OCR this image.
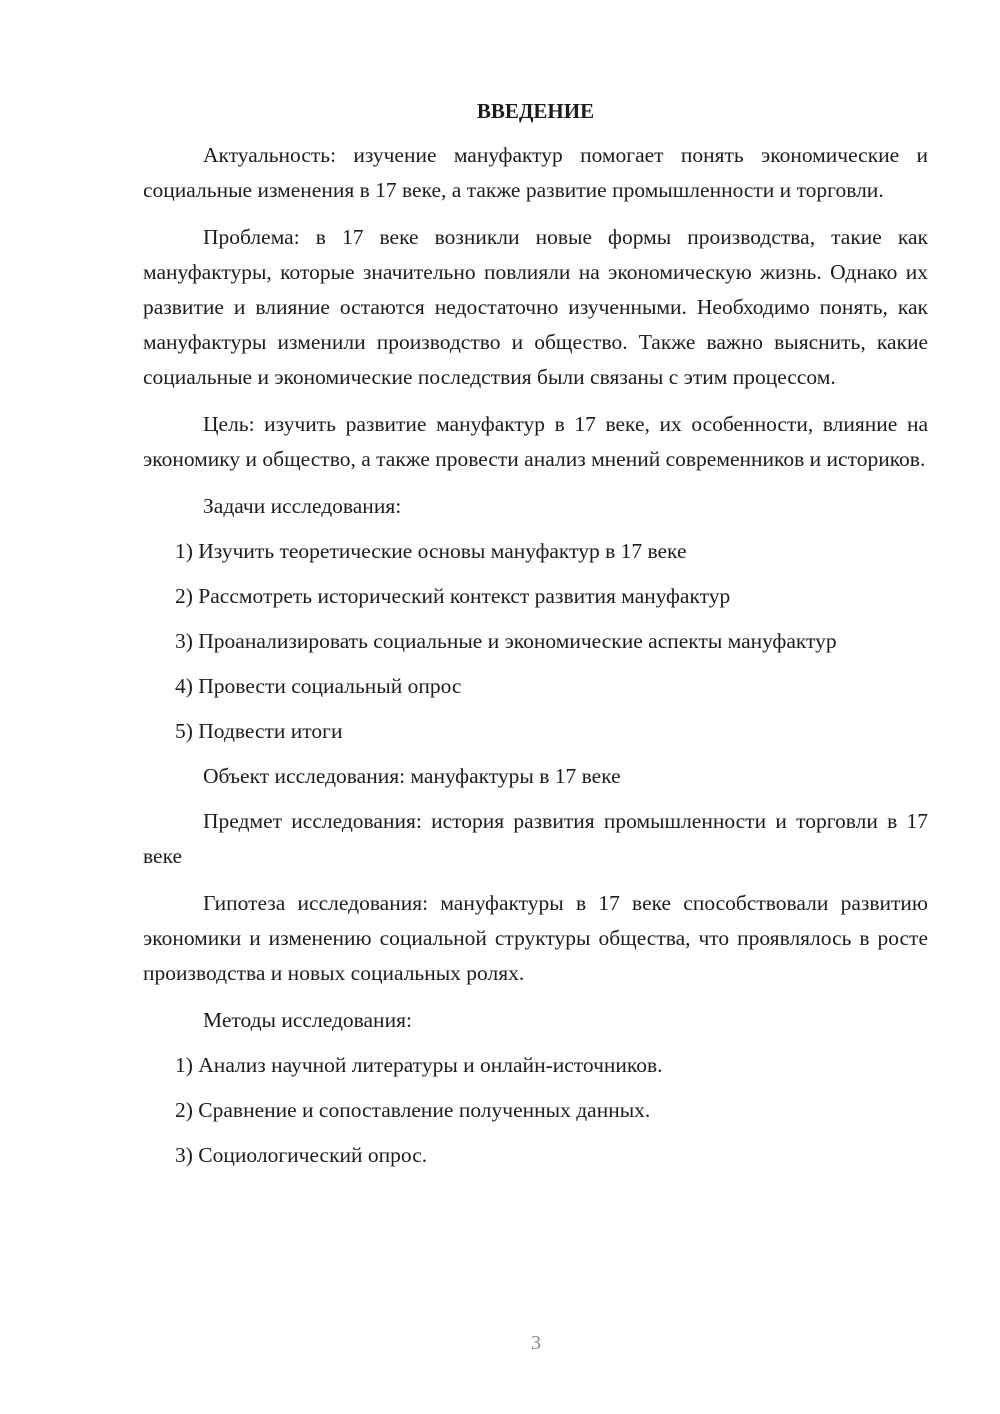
ВВЕДЕНИЕ

Актуальность: изучение мануфактур помогает понять экономические и социальные изменения в 17 веке, а также развитие промышленности и торговли.

Проблема: в 17 веке возникли новые формы производства, такие как мануфактуры, которые значительно повлияли на экономическую жизнь. Однако их развитие и влияние остаются недостаточно изученными. Необходимо понять, как мануфактуры изменили производство и общество. Также важно выяснить, какие социальные и экономические последствия были связаны с этим процессом.

Цель: изучить развитие мануфактур в 17 веке, их особенности, влияние на экономику и общество, а также провести анализ мнений современников и историков.

Задачи исследования:

1) Изучить теоретические основы мануфактур в 17 веке

2) Рассмотреть исторический контекст развития мануфактур

3) Проанализировать социальные и экономические аспекты мануфактур

4) Провести социальный опрос

5) Подвести итоги

Объект исследования: мануфактуры в 17 веке

Предмет исследования: история развития промышленности и торговли в 17 веке

Гипотеза исследования: мануфактуры в 17 веке способствовали развитию экономики и изменению социальной структуры общества, что проявлялось в росте производства и новых социальных ролях.

Методы исследования:

1) Анализ научной литературы и онлайн-источников.

2) Сравнение и сопоставление полученных данных.

3) Социологический опрос.

3
